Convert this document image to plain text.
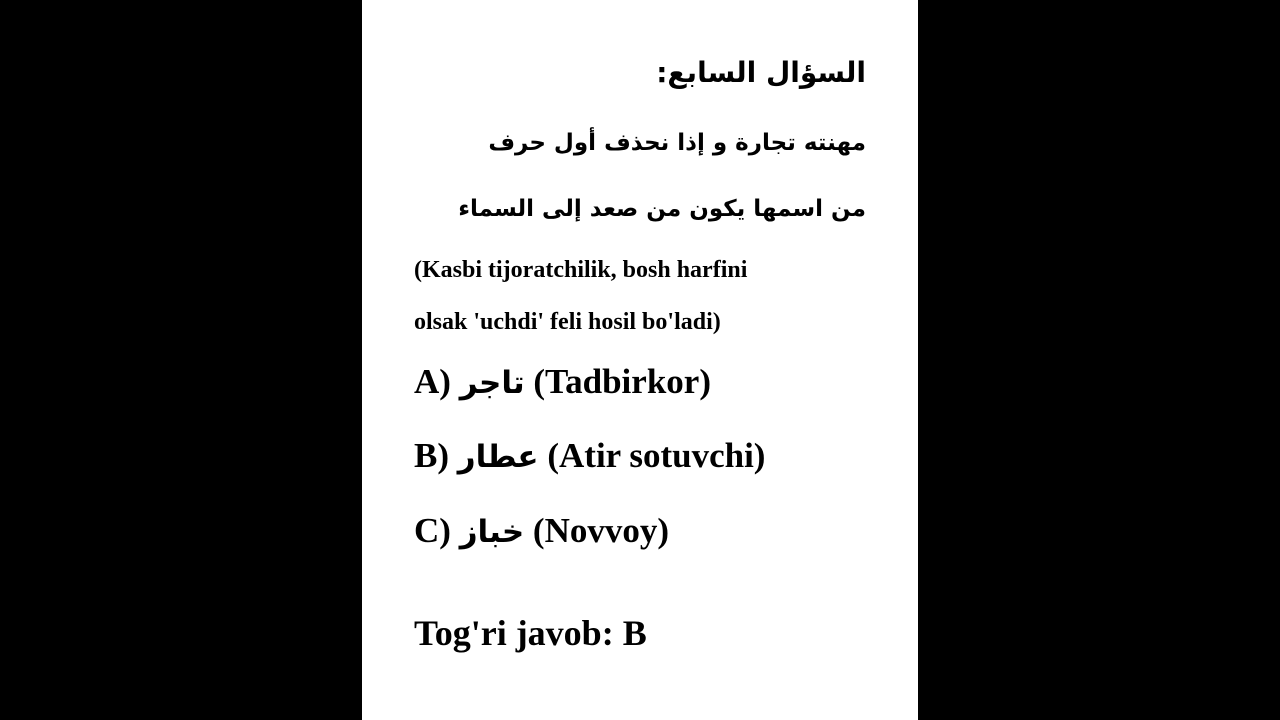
السؤال السابع:
مهنته تجارة و إذا نحذف أول حرف
من اسمها يكون من صعد إلى السماء
(Kasbi tijoratchilik, bosh harfini
olsak 'uchdi' feli hosil bo'ladi)
A) تاجر (Tadbirkor)
B) عطار (Atir sotuvchi)
C) خباز (Novvoy)
Tog'ri javob: B
